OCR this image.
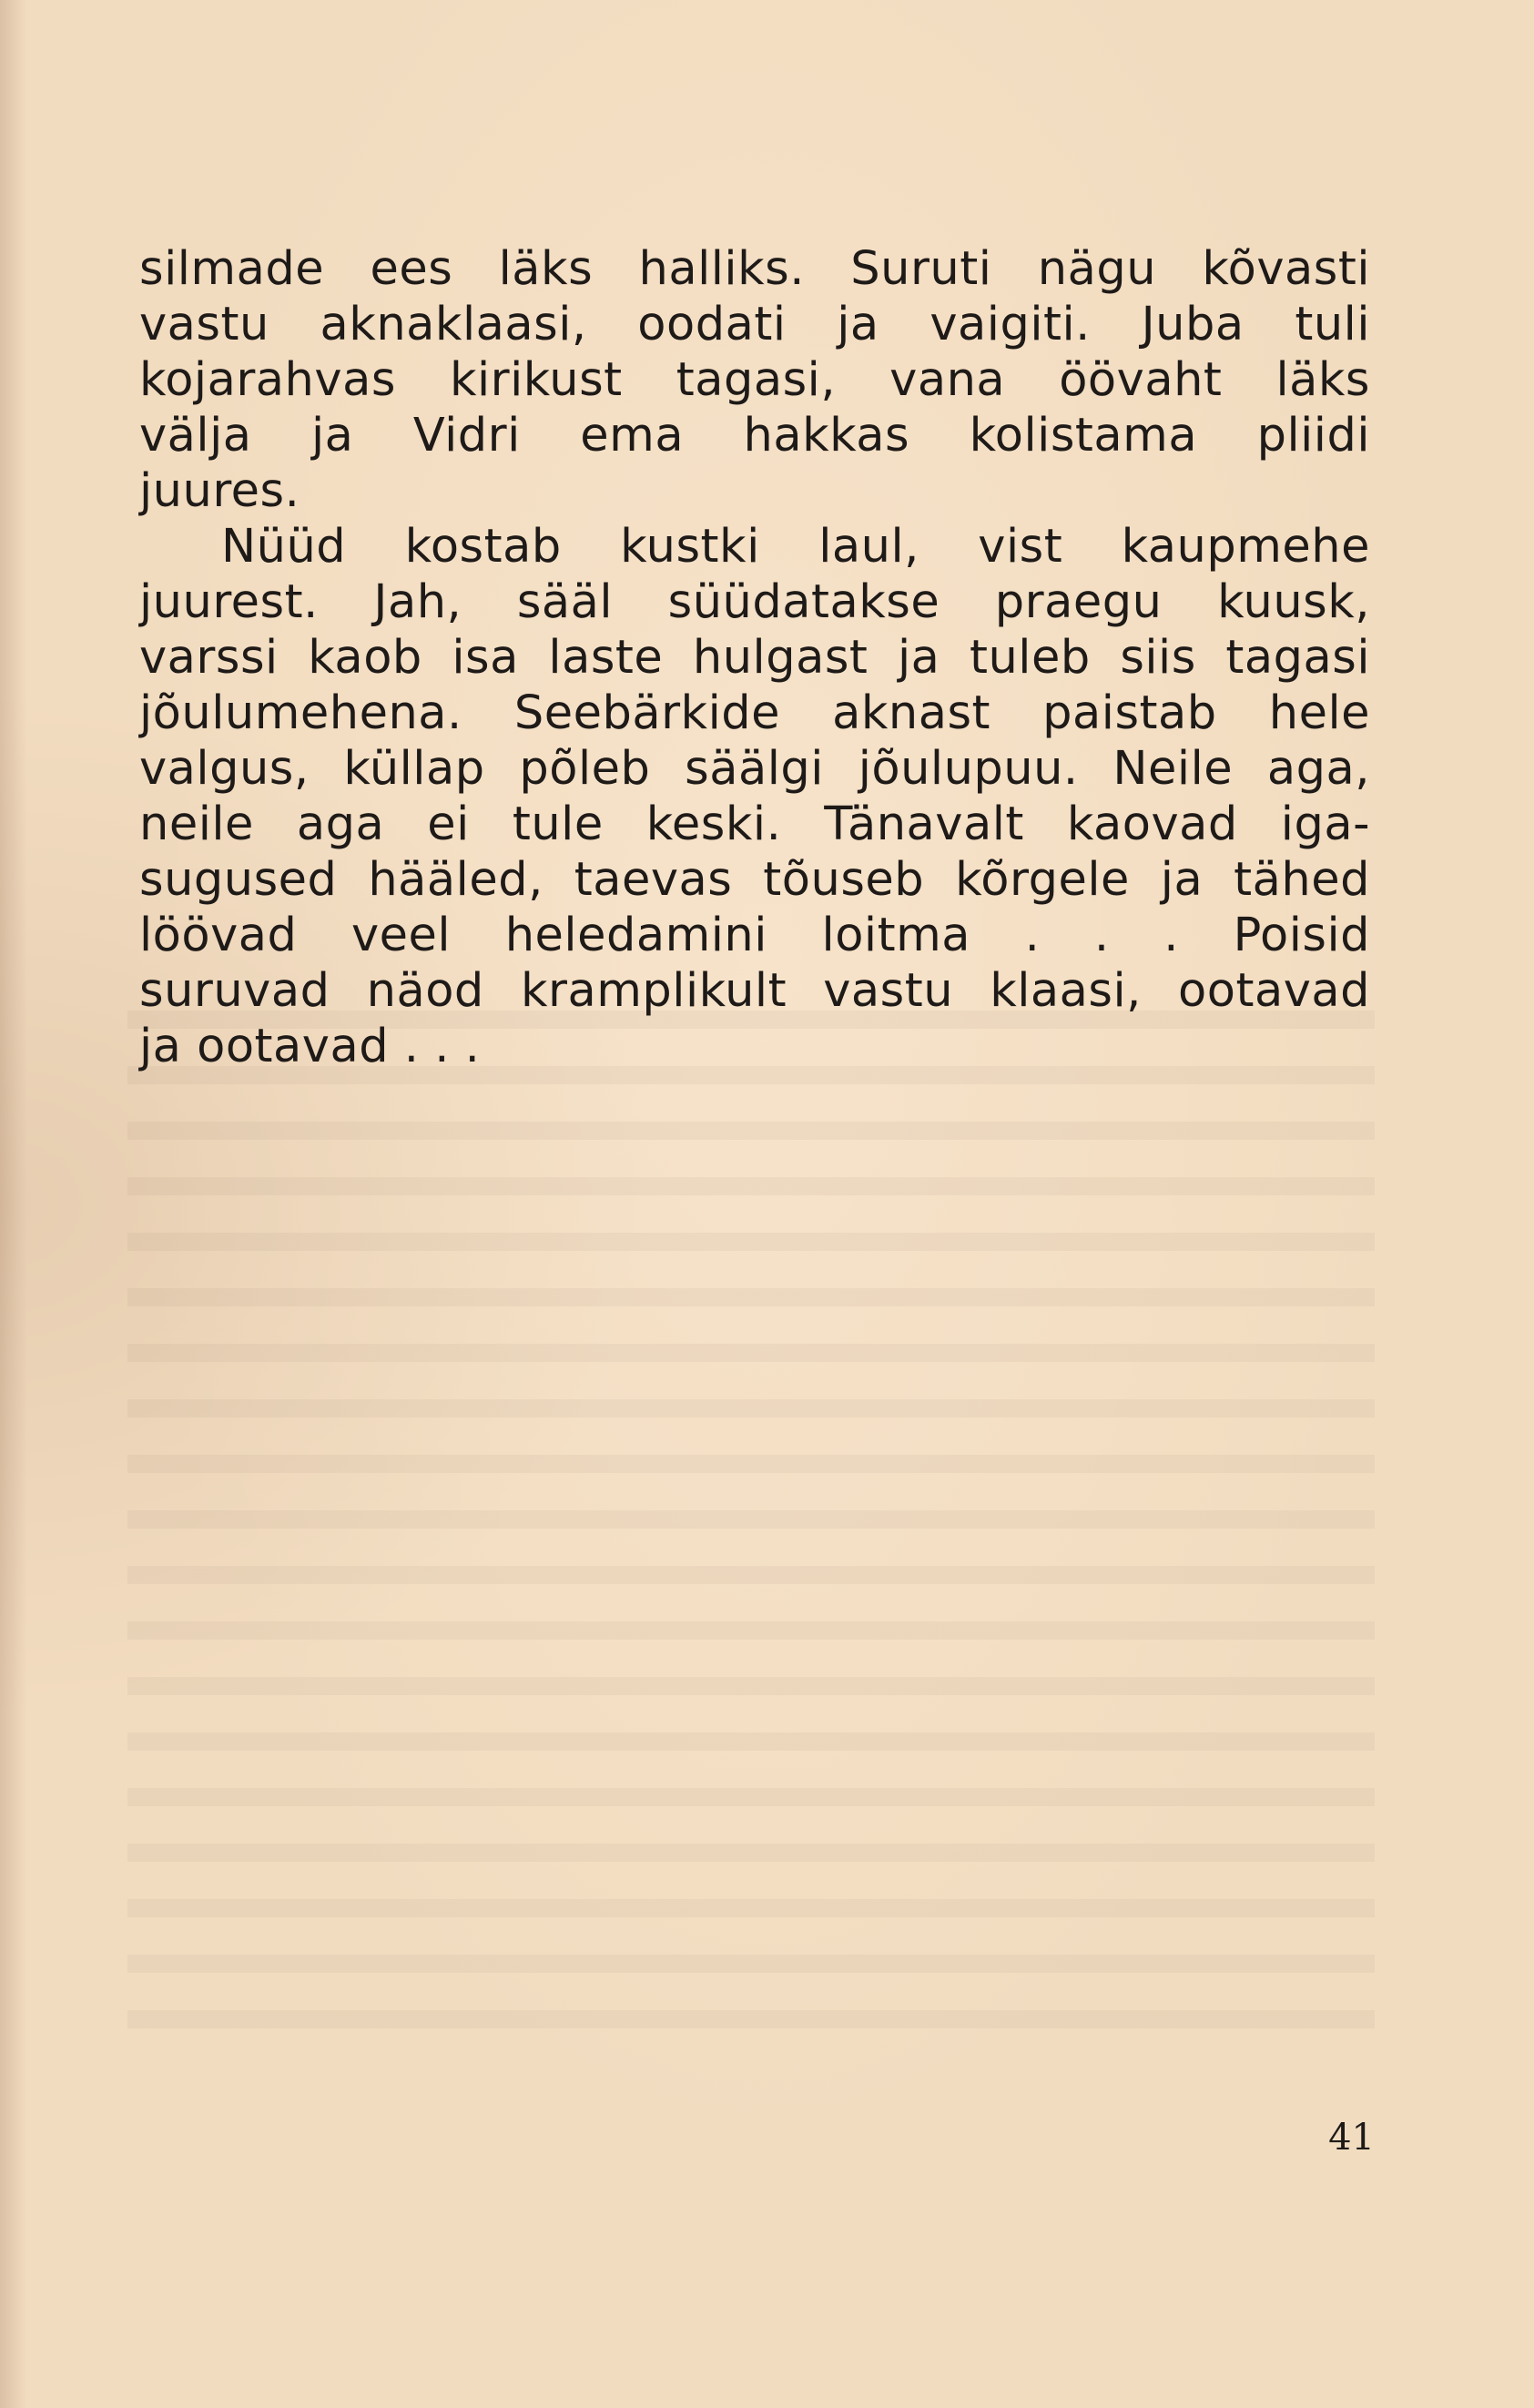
silmade ees läks halliks. Suruti nägu kõvasti
vastu aknaklaasi, oodati ja vaigiti. Juba tuli
kojarahvas kirikust tagasi, vana öövaht läks
välja ja Vidri ema hakkas kolistama pliidi
juures.
Nüüd kostab kustki laul, vist kaupmehe
juurest. Jah, sääl süüdatakse praegu kuusk,
varssi kaob isa laste hulgast ja tuleb siis tagasi
jõulumehena. Seebärkide aknast paistab hele
valgus, küllap põleb säälgi jõulupuu. Neile aga,
neile aga ei tule keski. Tänavalt kaovad iga-
sugused hääled, taevas tõuseb kõrgele ja tähed
löövad veel heledamini loitma . . . Poisid
suruvad näod kramplikult vastu klaasi, ootavad
ja ootavad . . .
41
